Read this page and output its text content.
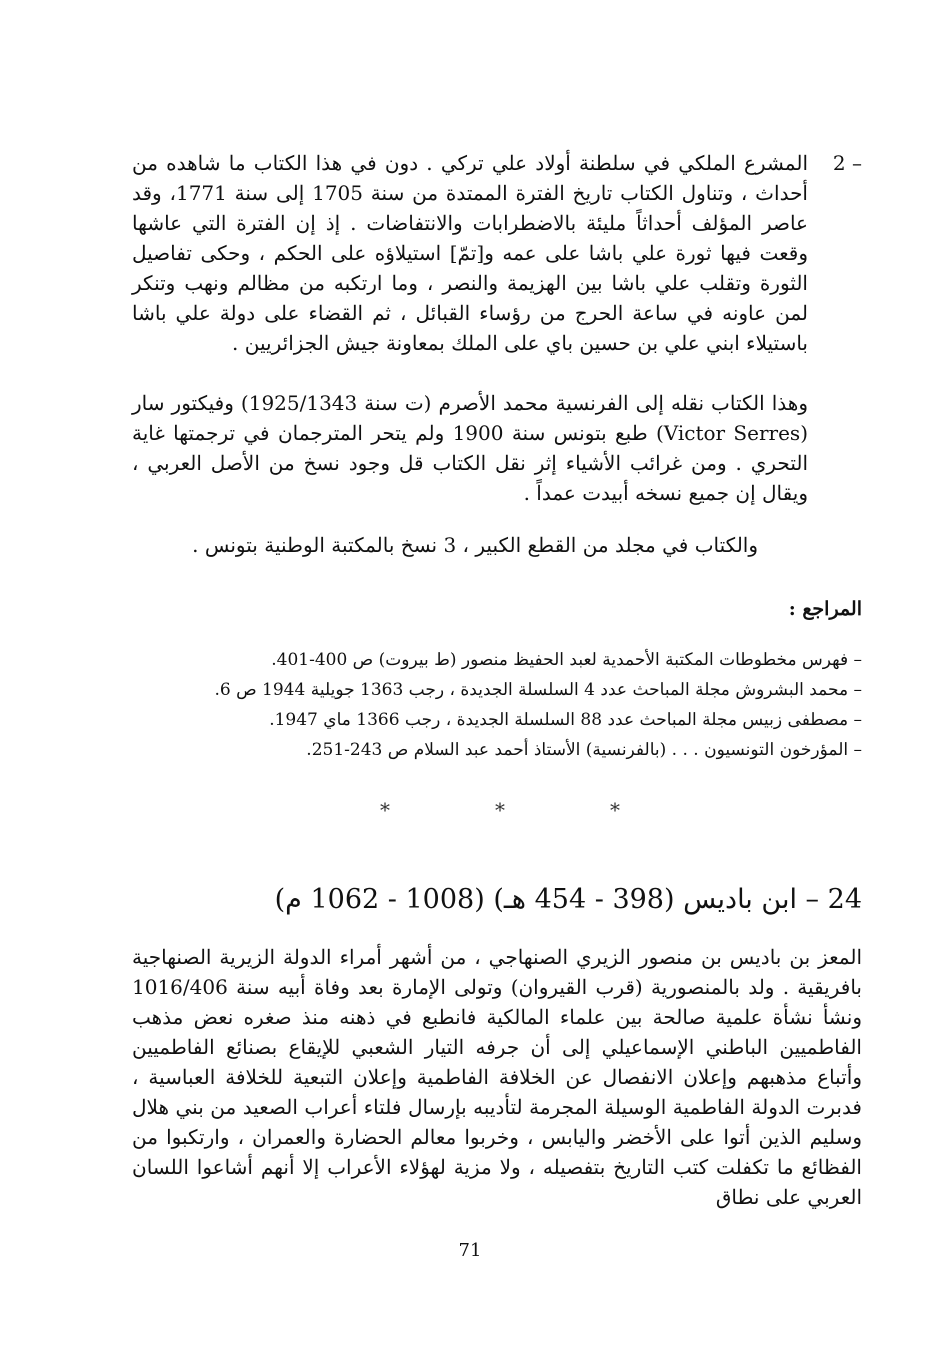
2 –
المشرع الملكي في سلطنة أولاد علي تركي . دون في هذا الكتاب ما شاهده من أحداث ، وتناول الكتاب تاريخ الفترة الممتدة من سنة 1705 إلى سنة 1771، وقد عاصر المؤلف أحداثاً مليئة بالاضطرابات والانتفاضات . إذ إن الفترة التي عاشها وقعت فيها ثورة علي باشا على عمه و[تمّ] استيلاؤه على الحكم ، وحكى تفاصيل الثورة وتقلب علي باشا بين الهزيمة والنصر ، وما ارتكبه من مظالم ونهب وتنكر لمن عاونه في ساعة الحرج من رؤساء القبائل ، ثم القضاء على دولة علي باشا باستيلاء ابني علي بن حسين باي على الملك بمعاونة جيش الجزائريين .
وهذا الكتاب نقله إلى الفرنسية محمد الأصرم (ت سنة 1925/1343) وفيكتور سار (Victor Serres) طبع بتونس سنة 1900 ولم يتحر المترجمان في ترجمتها غاية التحري . ومن غرائب الأشياء إثر نقل الكتاب قل وجود نسخ من الأصل العربي ، ويقال إن جميع نسخه أبيدت عمداً .
والكتاب في مجلد من القطع الكبير ، 3 نسخ بالمكتبة الوطنية بتونس .
المراجع :
– فهرس مخطوطات المكتبة الأحمدية لعبد الحفيظ منصور (ط بيروت) ص 400-401.
– محمد البشروش مجلة المباحث عدد 4 السلسلة الجديدة ، رجب 1363 جويلية 1944 ص 6.
– مصطفى زبيس مجلة المباحث عدد 88 السلسلة الجديدة ، رجب 1366 ماي 1947.
– المؤرخون التونسيون . . . (بالفرنسية) الأستاذ أحمد عبد السلام ص 243-251.
*	*	*
24 – ابن باديس (398 - 454 هـ) (1008 - 1062 م)
المعز بن باديس بن منصور الزيري الصنهاجي ، من أشهر أمراء الدولة الزيرية الصنهاجية بافريقية . ولد بالمنصورية (قرب القيروان) وتولى الإمارة بعد وفاة أبيه سنة 1016/406 ونشأ نشأة علمية صالحة بين علماء المالكية فانطبع في ذهنه منذ صغره نعض مذهب الفاطميين الباطني الإسماعيلي إلى أن جرفه التيار الشعبي للإيقاع بصنائع الفاطميين وأتباع مذهبهم وإعلان الانفصال عن الخلافة الفاطمية وإعلان التبعية للخلافة العباسية ، فدبرت الدولة الفاطمية الوسيلة المجرمة لتأديبه بإرسال فلتاء أعراب الصعيد من بني هلال وسليم الذين أتوا على الأخضر واليابس ، وخربوا معالم الحضارة والعمران ، وارتكبوا من الفظائع ما تكفلت كتب التاريخ بتفصيله ، ولا مزية لهؤلاء الأعراب إلا أنهم أشاعوا اللسان العربي على نطاق
71
